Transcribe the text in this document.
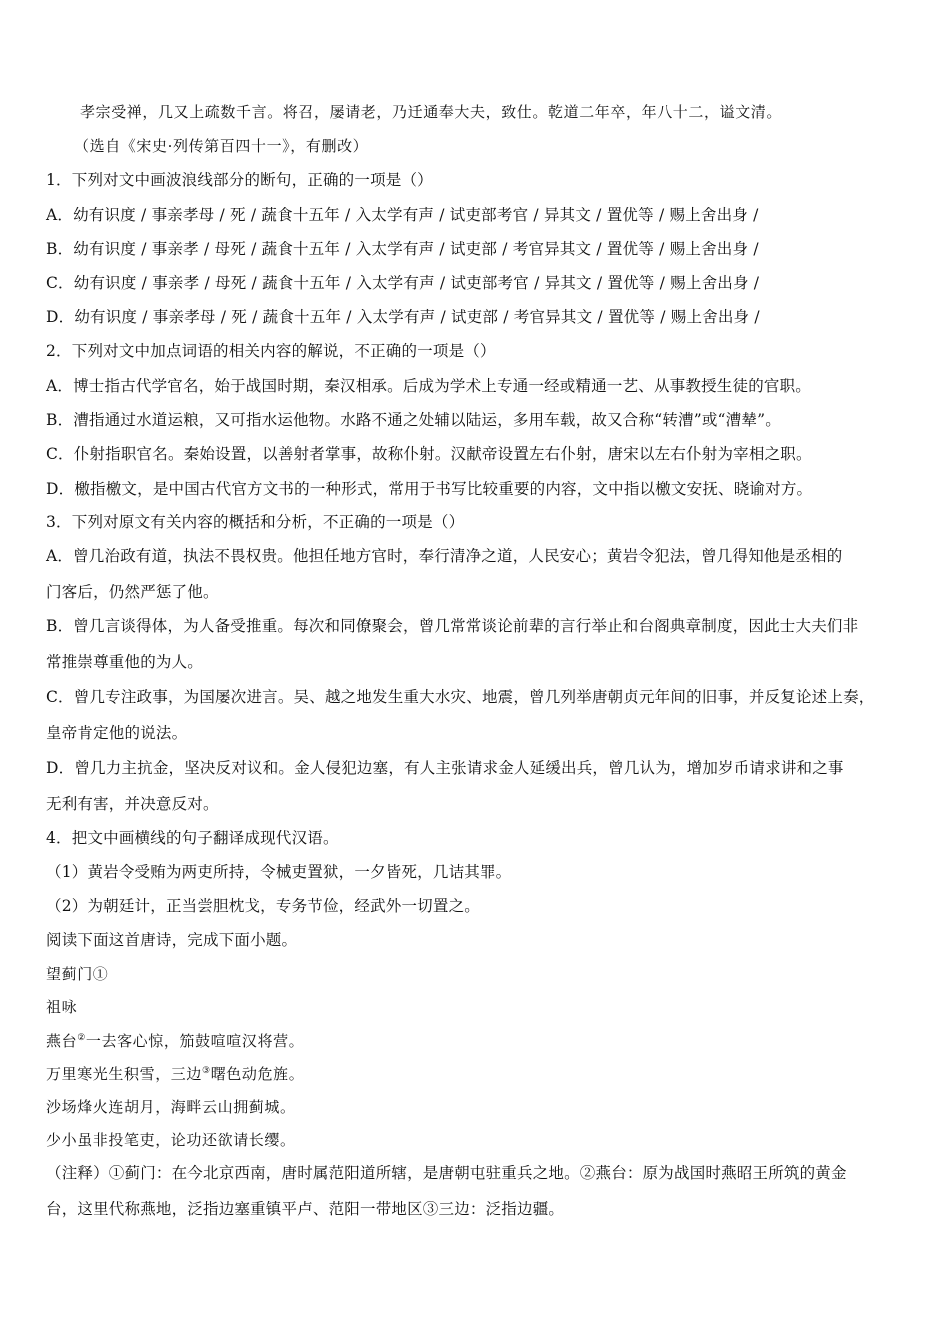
孝宗受禅，几又上疏数千言。将召，屡请老，乃迁通奉大夫，致仕。乾道二年卒，年八十二，谥文清。
（选自《宋史·列传第百四十一》，有删改）
1．下列对文中画波浪线部分的断句，正确的一项是（）
A．幼有识度 / 事亲孝母 / 死 / 蔬食十五年 / 入太学有声 / 试吏部考官 / 异其文 / 置优等 / 赐上舍出身 /
B．幼有识度 / 事亲孝 / 母死 / 蔬食十五年 / 入太学有声 / 试吏部 / 考官异其文 / 置优等 / 赐上舍出身 /
C．幼有识度 / 事亲孝 / 母死 / 蔬食十五年 / 入太学有声 / 试吏部考官 / 异其文 / 置优等 / 赐上舍出身 /
D．幼有识度 / 事亲孝母 / 死 / 蔬食十五年 / 入太学有声 / 试吏部 / 考官异其文 / 置优等 / 赐上舍出身 /
2．下列对文中加点词语的相关内容的解说，不正确的一项是（）
A．博士指古代学官名，始于战国时期，秦汉相承。后成为学术上专通一经或精通一艺、从事教授生徒的官职。
B．漕指通过水道运粮，又可指水运他物。水路不通之处辅以陆运，多用车载，故又合称“转漕”或“漕辇”。
C．仆射指职官名。秦始设置，以善射者掌事，故称仆射。汉献帝设置左右仆射，唐宋以左右仆射为宰相之职。
D．檄指檄文，是中国古代官方文书的一种形式，常用于书写比较重要的内容，文中指以檄文安抚、晓谕对方。
3．下列对原文有关内容的概括和分析，不正确的一项是（）
A．曾几治政有道，执法不畏权贵。他担任地方官时，奉行清净之道，人民安心；黄岩令犯法，曾几得知他是丞相的
门客后，仍然严惩了他。
B．曾几言谈得体，为人备受推重。每次和同僚聚会，曾几常常谈论前辈的言行举止和台阁典章制度，因此士大夫们非
常推崇尊重他的为人。
C．曾几专注政事，为国屡次进言。吴、越之地发生重大水灾、地震，曾几列举唐朝贞元年间的旧事，并反复论述上奏，
皇帝肯定他的说法。
D．曾几力主抗金，坚决反对议和。金人侵犯边塞，有人主张请求金人延缓出兵，曾几认为，增加岁币请求讲和之事
无利有害，并决意反对。
4．把文中画横线的句子翻译成现代汉语。
（1）黄岩令受贿为两吏所持，令械吏置狱，一夕皆死，几诘其罪。
（2）为朝廷计，正当尝胆枕戈，专务节俭，经武外一切置之。
阅读下面这首唐诗，完成下面小题。
望蓟门①
祖咏
燕台②一去客心惊，笳鼓喧喧汉将营。
万里寒光生积雪，三边③曙色动危旌。
沙场烽火连胡月，海畔云山拥蓟城。
少小虽非投笔吏，论功还欲请长缨。
（注释）①蓟门：在今北京西南，唐时属范阳道所辖，是唐朝屯驻重兵之地。②燕台：原为战国时燕昭王所筑的黄金
台，这里代称燕地，泛指边塞重镇平卢、范阳一带地区③三边：泛指边疆。
